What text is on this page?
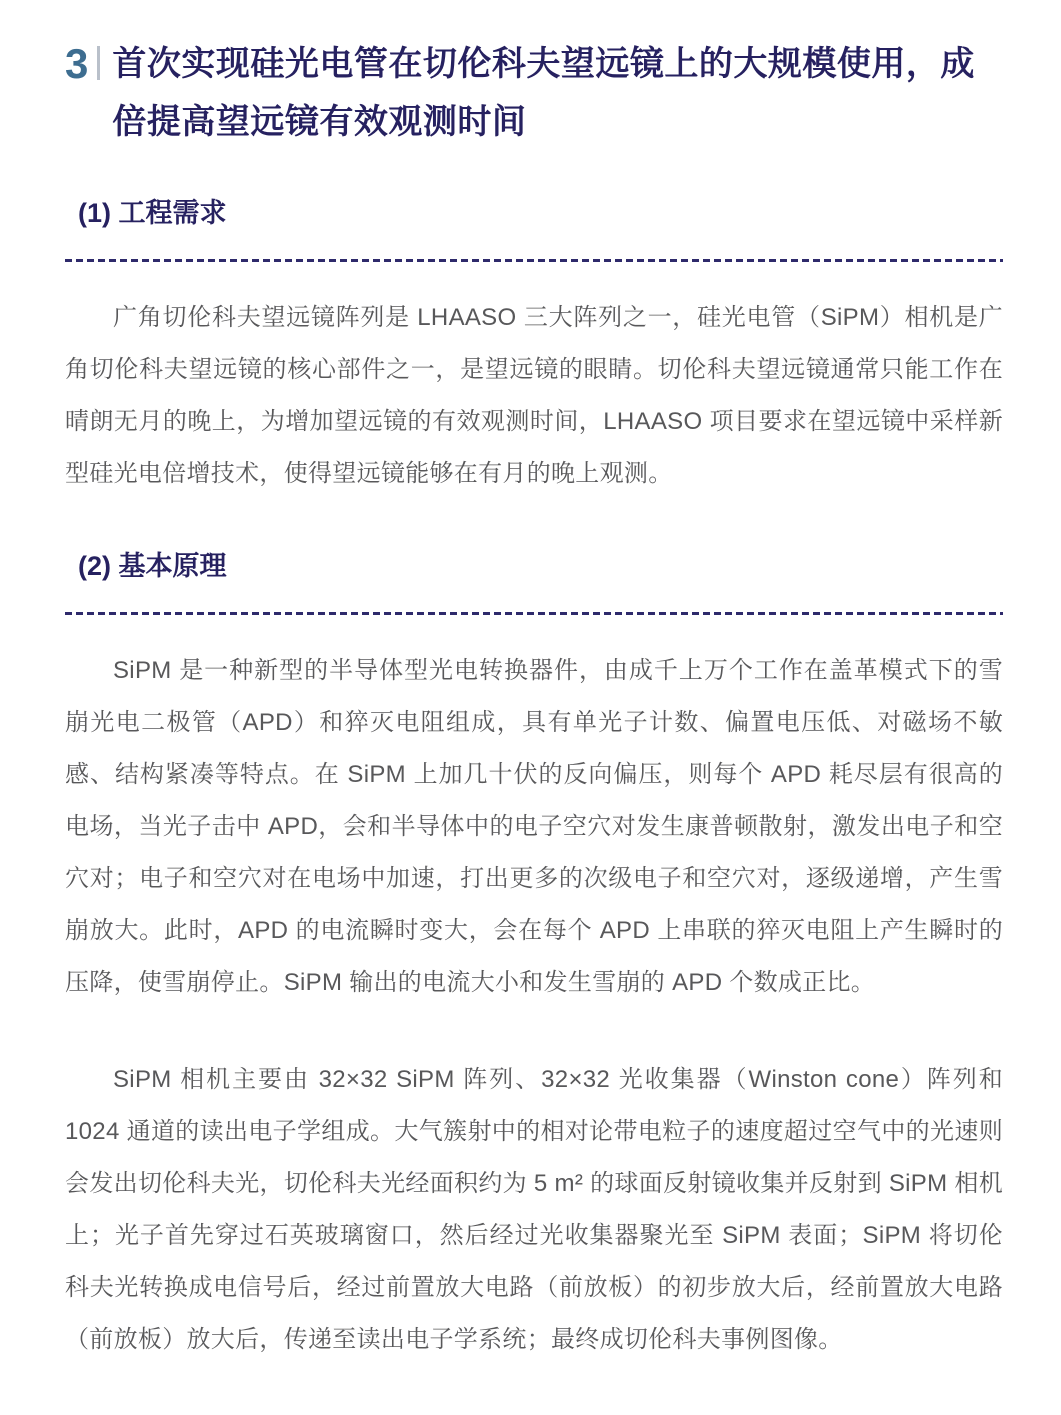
3 首次实现硅光电管在切伦科夫望远镜上的大规模使用，成倍提高望远镜有效观测时间
(1) 工程需求

广角切伦科夫望远镜阵列是 LHAASO 三大阵列之一，硅光电管（SiPM）相机是广角切伦科夫望远镜的核心部件之一，是望远镜的眼睛。切伦科夫望远镜通常只能工作在晴朗无月的晚上，为增加望远镜的有效观测时间，LHAASO 项目要求在望远镜中采样新型硅光电倍增技术，使得望远镜能够在有月的晚上观测。

(2) 基本原理

SiPM 是一种新型的半导体型光电转换器件，由成千上万个工作在盖革模式下的雪崩光电二极管（APD）和猝灭电阻组成，具有单光子计数、偏置电压低、对磁场不敏感、结构紧凑等特点。在 SiPM 上加几十伏的反向偏压，则每个 APD 耗尽层有很高的电场，当光子击中 APD，会和半导体中的电子空穴对发生康普顿散射，激发出电子和空穴对；电子和空穴对在电场中加速，打出更多的次级电子和空穴对，逐级递增，产生雪崩放大。此时，APD 的电流瞬时变大，会在每个 APD 上串联的猝灭电阻上产生瞬时的压降，使雪崩停止。SiPM 输出的电流大小和发生雪崩的 APD 个数成正比。

SiPM 相机主要由 32×32 SiPM 阵列、32×32 光收集器（Winston cone）阵列和 1024 通道的读出电子学组成。大气簇射中的相对论带电粒子的速度超过空气中的光速则会发出切伦科夫光，切伦科夫光经面积约为 5 m² 的球面反射镜收集并反射到 SiPM 相机上；光子首先穿过石英玻璃窗口，然后经过光收集器聚光至 SiPM 表面；SiPM 将切伦科夫光转换成电信号后，经过前置放大电路（前放板）的初步放大后，经前置放大电路（前放板）放大后，传递至读出电子学系统；最终成切伦科夫事例图像。
